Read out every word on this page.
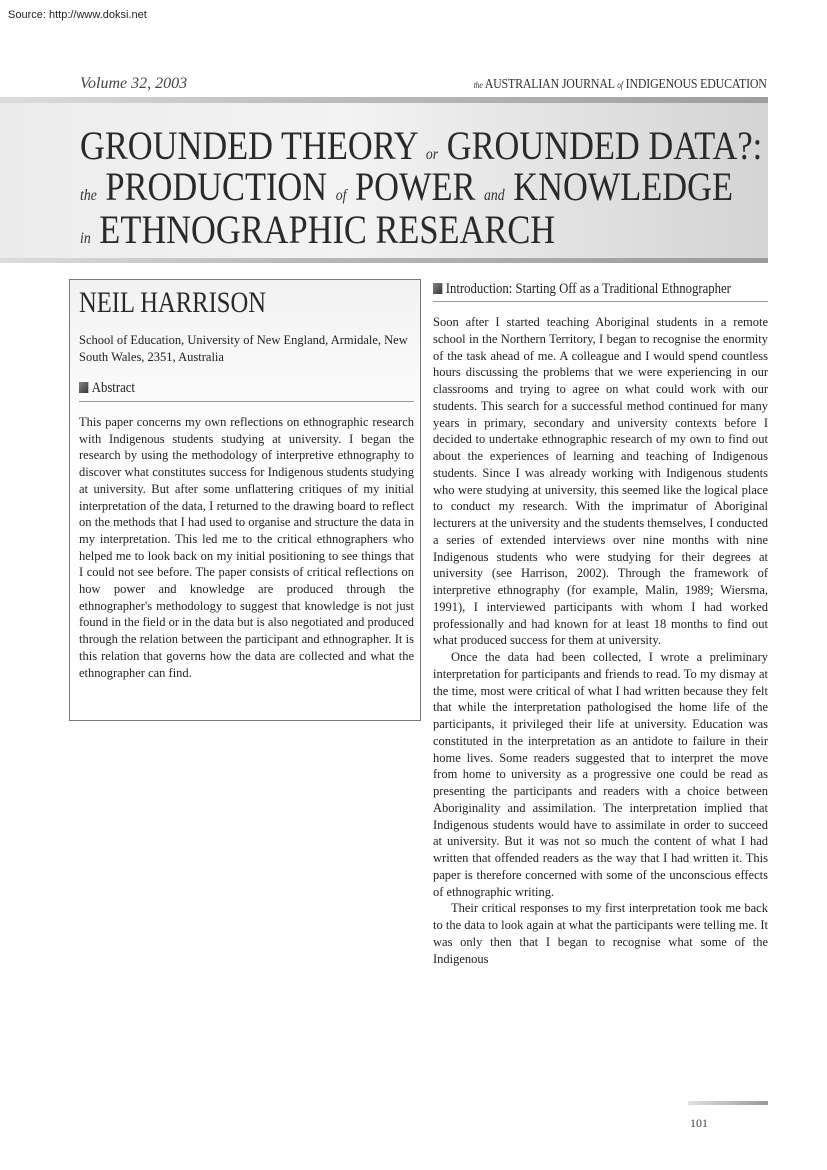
Source: http://www.doksi.net
Volume 32, 2003	the AUSTRALIAN JOURNAL of INDIGENOUS EDUCATION
GROUNDED THEORY or GROUNDED DATA?:
the PRODUCTION of POWER and KNOWLEDGE
in ETHNOGRAPHIC RESEARCH
NEIL HARRISON
School of Education, University of New England, Armidale, New South Wales, 2351, Australia
Abstract
This paper concerns my own reflections on ethnographic research with Indigenous students studying at university. I began the research by using the methodology of interpretive ethnography to discover what constitutes success for Indigenous students studying at university. But after some unflattering critiques of my initial interpretation of the data, I returned to the drawing board to reflect on the methods that I had used to organise and structure the data in my interpretation. This led me to the critical ethnographers who helped me to look back on my initial positioning to see things that I could not see before. The paper consists of critical reflections on how power and knowledge are produced through the ethnographer's methodology to suggest that knowledge is not just found in the field or in the data but is also negotiated and produced through the relation between the participant and ethnographer. It is this relation that governs how the data are collected and what the ethnographer can find.
Introduction: Starting Off as a Traditional Ethnographer

Soon after I started teaching Aboriginal students in a remote school in the Northern Territory, I began to recognise the enormity of the task ahead of me. A colleague and I would spend countless hours discussing the problems that we were experiencing in our classrooms and trying to agree on what could work with our students. This search for a successful method continued for many years in primary, secondary and university contexts before I decided to undertake ethnographic research of my own to find out about the experiences of learning and teaching of Indigenous students. Since I was already working with Indigenous students who were studying at university, this seemed like the logical place to conduct my research. With the imprimatur of Aboriginal lecturers at the university and the students themselves, I conducted a series of extended interviews over nine months with nine Indigenous students who were studying for their degrees at university (see Harrison, 2002). Through the framework of interpretive ethnography (for example, Malin, 1989; Wiersma, 1991), I interviewed participants with whom I had worked professionally and had known for at least 18 months to find out what produced success for them at university.

Once the data had been collected, I wrote a preliminary interpretation for participants and friends to read. To my dismay at the time, most were critical of what I had written because they felt that while the interpretation pathologised the home life of the participants, it privileged their life at university. Education was constituted in the interpretation as an antidote to failure in their home lives. Some readers suggested that to interpret the move from home to university as a progressive one could be read as presenting the participants and readers with a choice between Aboriginality and assimilation. The interpretation implied that Indigenous students would have to assimilate in order to succeed at university. But it was not so much the content of what I had written that offended readers as the way that I had written it. This paper is therefore concerned with some of the unconscious effects of ethnographic writing.

Their critical responses to my first interpretation took me back to the data to look again at what the participants were telling me. It was only then that I began to recognise what some of the Indigenous

101
